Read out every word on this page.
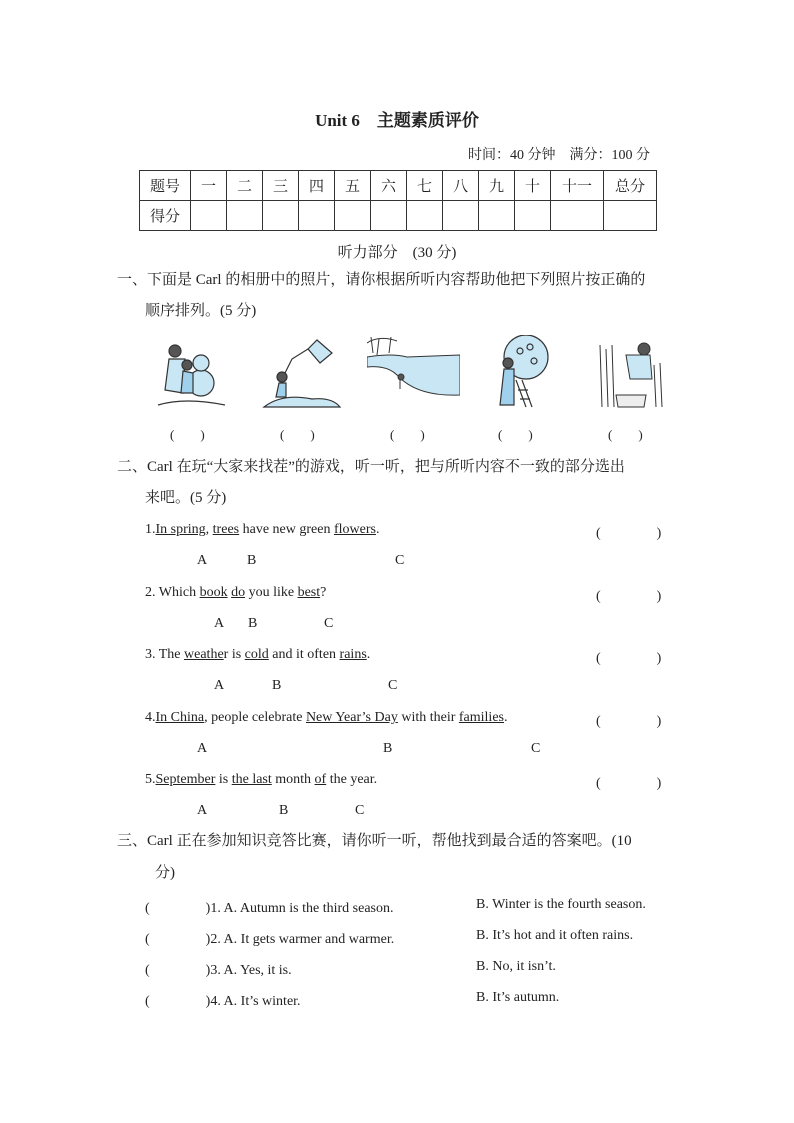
Unit 6　主题素质评价
时间：40 分钟　满分：100 分
题号	一	二	三	四	五	六	七	八	九	十	十一	总分
得分												
听力部分　(30 分)
一、下面是 Carl 的相册中的照片，请你根据所听内容帮助他把下列照片按正确的
顺序排列。(5 分)
(　　)	(　　)	(　　)	(　　)	(　　)
二、Carl 在玩“大家来找茬”的游戏，听一听，把与所听内容不一致的部分选出
来吧。(5 分)
1.In spring, trees have new green flowers.	(　　　　)
A	B	C
2. Which book do you like best?	(　　　　)
A B	C
3. The weather is cold and it often rains.	(　　　　)
A	B	C
4.In China, people celebrate New Year’s Day with their families.	(　　　　)
A	B	C
5.September is the last month of the year.	(　　　　)
A	B	C
三、Carl 正在参加知识竞答比赛，请你听一听，帮他找到最合适的答案吧。(10
分)
(　　　　)1. A. Autumn is the third season.	B. Winter is the fourth season.
(　　　　)2. A. It gets warmer and warmer.	B. It’s hot and it often rains.
(　　　　)3. A. Yes, it is.	B. No, it isn’t.
(　　　　)4. A. It’s winter.	B. It’s autumn.
